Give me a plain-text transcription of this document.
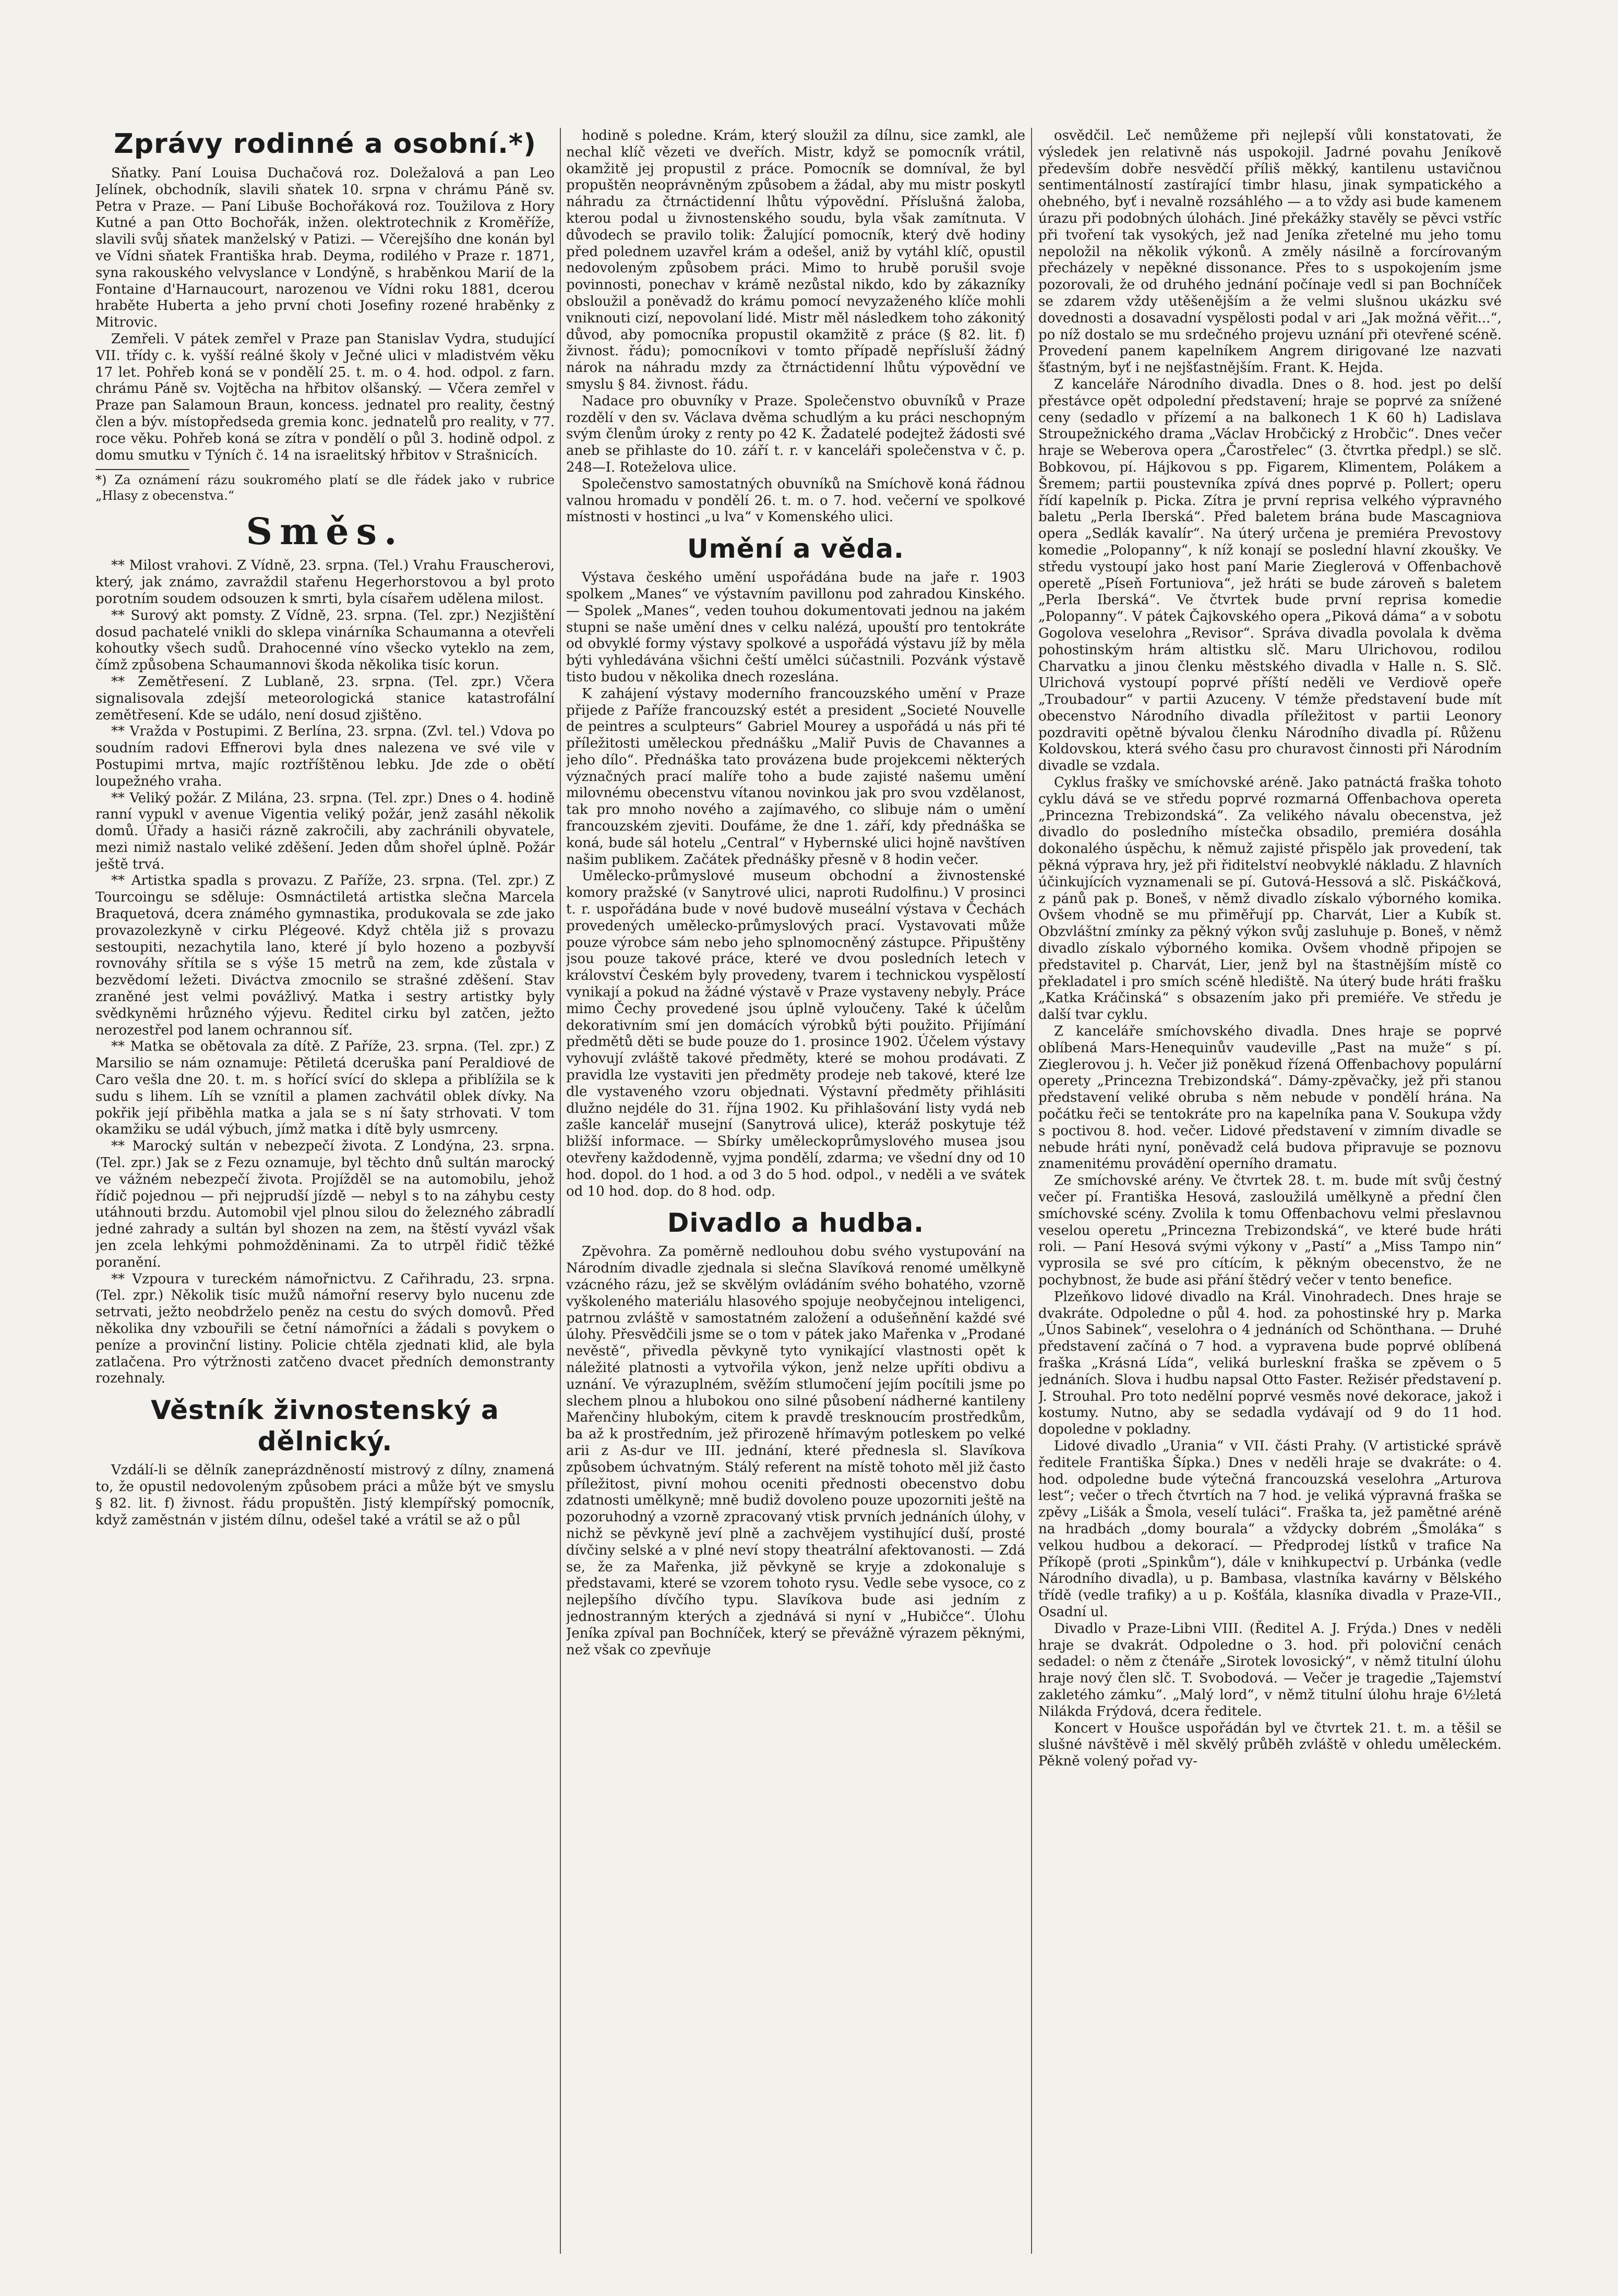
Zprávy rodinné a osobní.*)

Sňatky. Paní Louisa Duchačová roz. Doležalová a pan Leo Jelínek, obchodník, slavili sňatek 10. srpna v chrámu Páně sv. Petra v Praze. — Paní Libuše Bochořáková roz. Toužilova z Hory Kutné a pan Otto Bochořák, inžen. olektrotechnik z Kroměříže, slavili svůj sňatek manželský v Patizi. — Včerejšího dne konán byl ve Vídni sňatek Františka hrab. Deyma, rodilého v Praze r. 1871, syna rakouského velvyslance v Londýně, s hraběnkou Marií de la Fontaine d'Harnaucourt, narozenou ve Vídni roku 1881, dcerou hraběte Huberta a jeho první choti Josefiny rozené hraběnky z Mitrovic.

Zemřeli. V pátek zemřel v Praze pan Stanislav Vydra, studující VII. třídy c. k. vyšší reálné školy v Ječné ulici v mladistvém věku 17 let. Pohřeb koná se v pondělí 25. t. m. o 4. hod. odpol. z farn. chrámu Páně sv. Vojtěcha na hřbitov olšanský. — Včera zemřel v Praze pan Salamoun Braun, koncess. jednatel pro reality, čestný člen a býv. místopředseda gremia konc. jednatelů pro reality, v 77. roce věku. Pohřeb koná se zítra v pondělí o půl 3. hodině odpol. z domu smutku v Týních č. 14 na israelitský hřbitov v Strašnicích.

*) Za oznámení rázu soukromého platí se dle řádek jako v rubrice „Hlasy z obecenstva.“

Směs.

** Milost vrahovi. Z Vídně, 23. srpna. (Tel.) Vrahu Frauscherovi, který, jak známo, zavraždil stařenu Hegerhorstovou a byl proto porotním soudem odsouzen k smrti, byla císařem udělena milost.

** Surový akt pomsty. Z Vídně, 23. srpna. (Tel. zpr.) Nezjištění dosud pachatelé vnikli do sklepa vinárníka Schaumanna a otevřeli kohoutky všech sudů. Drahocenné víno všecko vyteklo na zem, čímž způsobena Schaumannovi škoda několika tisíc korun.

** Zemětřesení. Z Lublaně, 23. srpna. (Tel. zpr.) Včera signalisovala zdejší meteorologická stanice katastrofální zemětřesení. Kde se událo, není dosud zjištěno.

** Vražda v Postupimi. Z Berlína, 23. srpna. (Zvl. tel.) Vdova po soudním radovi Effnerovi byla dnes nalezena ve své vile v Postupimi mrtva, majíc roztříštěnou lebku. Jde zde o obětí loupežného vraha.

** Veliký požár. Z Milána, 23. srpna. (Tel. zpr.) Dnes o 4. hodině ranní vypukl v avenue Vigentia veliký požár, jenž zasáhl několik domů. Úřady a hasiči rázně zakročili, aby zachránili obyvatele, mezi nimiž nastalo veliké zděšení. Jeden dům shořel úplně. Požár ještě trvá.

** Artistka spadla s provazu. Z Paříže, 23. srpna. (Tel. zpr.) Z Tourcoingu se sděluje: Osmnáctiletá artistka slečna Marcela Braquetová, dcera známého gymnastika, produkovala se zde jako provazolezkyně v cirku Plégeové. Když chtěla již s provazu sestoupiti, nezachytila lano, které jí bylo hozeno a pozbyvší rovnováhy sřítila se s výše 15 metrů na zem, kde zůstala v bezvědomí ležeti. Diváctva zmocnilo se strašné zděšení. Stav zraněné jest velmi povážlivý. Matka i sestry artistky byly svědkyněmi hrůzného výjevu. Ředitel cirku byl zatčen, ježto nerozestřel pod lanem ochrannou síť.

** Matka se obětovala za dítě. Z Paříže, 23. srpna. (Tel. zpr.) Z Marsilio se nám oznamuje: Pětiletá dceruška paní Peraldiové de Caro vešla dne 20. t. m. s hořící svící do sklepa a přiblížila se k sudu s lihem. Líh se vznítil a plamen zachvátil oblek dívky. Na pokřik její přiběhla matka a jala se s ní šaty strhovati. V tom okamžiku se udál výbuch, jímž matka i dítě byly usmrceny.

** Marocký sultán v nebezpečí života. Z Londýna, 23. srpna. (Tel. zpr.) Jak se z Fezu oznamuje, byl těchto dnů sultán marocký ve vážném nebezpečí života. Projížděl se na automobilu, jehož řídič pojednou — při nejprudší jízdě — nebyl s to na záhybu cesty utáhnouti brzdu. Automobil vjel plnou silou do železného zábradlí jedné zahrady a sultán byl shozen na zem, na štěstí vyvázl však jen zcela lehkými pohmožděninami. Za to utrpěl řidič těžké poranění.

** Vzpoura v tureckém námořnictvu. Z Cařihradu, 23. srpna. (Tel. zpr.) Několik tisíc mužů námořní reservy bylo nucenu zde setrvati, ježto neobdrželo peněz na cestu do svých domovů. Před několika dny vzbouřili se četní námořníci a žádali s povykem o peníze a provinční listiny. Policie chtěla zjednati klid, ale byla zatlačena. Pro výtržnosti zatčeno dvacet předních demonstranty rozehnaly.

Věstník živnostenský a dělnický.

Vzdálí-li se dělník zaneprázdněností mistrový z dílny, znamená to, že opustil nedovoleným způsobem práci a může být ve smyslu § 82. lit. f) živnost. řádu propuštěn. Jistý klempířský pomocník, když zaměstnán v jistém dílnu, odešel také a vrátil se až o půl

hodině s poledne. Krám, který sloužil za dílnu, sice zamkl, ale nechal klíč vězeti ve dveřích. Mistr, když se pomocník vrátil, okamžitě jej propustil z práce. Pomocník se domníval, že byl propuštěn neoprávněným způsobem a žádal, aby mu mistr poskytl náhradu za čtrnáctidenní lhůtu výpovědní. Příslušná žaloba, kterou podal u živnostenského soudu, byla však zamítnuta. V důvodech se pravilo tolik: Žalující pomocník, který dvě hodiny před polednem uzavřel krám a odešel, aniž by vytáhl klíč, opustil nedovoleným způsobem práci. Mimo to hrubě porušil svoje povinnosti, ponechav v krámě nezůstal nikdo, kdo by zákazníky obsloužil a poněvadž do krámu pomocí nevyzaženého klíče mohli vniknouti cizí, nepovolaní lidé. Mistr měl následkem toho zákonitý důvod, aby pomocníka propustil okamžitě z práce (§ 82. lit. f) živnost. řádu); pomocníkovi v tomto případě nepřísluší žádný nárok na náhradu mzdy za čtrnáctidenní lhůtu výpovědní ve smyslu § 84. živnost. řádu.

Nadace pro obuvníky v Praze. Společenstvo obuvníků v Praze rozdělí v den sv. Václava dvěma schudlým a ku práci neschopným svým členům úroky z renty po 42 K. Žadatelé podejtež žádosti své aneb se přihlaste do 10. září t. r. v kanceláři společenstva v č. p. 248—I. Roteželova ulice.

Společenstvo samostatných obuvníků na Smíchově koná řádnou valnou hromadu v pondělí 26. t. m. o 7. hod. večerní ve spolkové místnosti v hostinci „u lva“ v Komenského ulici.

Umění a věda.

Výstava českého umění uspořádána bude na jaře r. 1903 spolkem „Manes“ ve výstavním pavillonu pod zahradou Kinského. — Spolek „Manes“, veden touhou dokumentovati jednou na jakém stupni se naše umění dnes v celku nalézá, upouští pro tentokráte od obvyklé formy výstavy spolkové a uspořádá výstavu jíž by měla býti vyhledávána všichni čeští umělci súčastnili. Pozvánk výstavě tisto budou v několika dnech rozeslána.

K zahájení výstavy moderního francouzského umění v Praze přijede z Paříže francouzský estét a president „Societé Nouvelle de peintres a sculpteurs“ Gabriel Mourey a uspořádá u nás při té příležitosti uměleckou přednášku „Maliř Puvis de Chavannes a jeho dílo“. Přednáška tato provázena bude projekcemi některých význačných prací malíře toho a bude zajisté našemu umění milovnému obecenstvu vítanou novinkou jak pro svou vzdělanost, tak pro mnoho nového a zajímavého, co slibuje nám o umění francouzském zjeviti. Doufáme, že dne 1. září, kdy přednáška se koná, bude sál hotelu „Central“ v Hybernské ulici hojně navštíven našim publikem. Začátek přednášky přesně v 8 hodin večer.

Umělecko-průmyslové museum obchodní a živnostenské komory pražské (v Sanytrové ulici, naproti Rudolfinu.) V prosinci t. r. uspořádána bude v nové budově museální výstava v Čechách provedených umělecko-průmyslových prací. Vystavovati může pouze výrobce sám nebo jeho splnomocněný zástupce. Připuštěny jsou pouze takové práce, které ve dvou posledních letech v království Českém byly provedeny, tvarem i technickou vyspělostí vynikají a pokud na žádné výstavě v Praze vystaveny nebyly. Práce mimo Čechy provedené jsou úplně vyloučeny. Také k účelům dekorativním smí jen domácích výrobků býti použito. Přijímání předmětů děti se bude pouze do 1. prosince 1902. Účelem výstavy vyhovují zvláště takové předměty, které se mohou prodávati. Z pravidla lze vystaviti jen předměty prodeje neb takové, které lze dle vystaveného vzoru objednati. Výstavní předměty přihlásiti dlužno nejdéle do 31. října 1902. Ku přihlašování listy vydá neb zašle kancelář musejní (Sanytrová ulice), kteráž poskytuje též bližší informace. — Sbírky uměleckoprůmyslového musea jsou otevřeny každodenně, vyjma pondělí, zdarma; ve všední dny od 10 hod. dopol. do 1 hod. a od 3 do 5 hod. odpol., v neděli a ve svátek od 10 hod. dop. do 8 hod. odp.

Divadlo a hudba.

Zpěvohra. Za poměrně nedlouhou dobu svého vystupování na Národním divadle zjednala si slečna Slavíková renomé umělkyně vzácného rázu, jež se skvělým ovládáním svého bohatého, vzorně vyškoleného materiálu hlasového spojuje neobyčejnou inteligenci, patrnou zvláště v samostatném založení a odušeňnění každé své úlohy. Přesvědčili jsme se o tom v pátek jako Mařenka v „Prodané nevěstě“, přivedla pěvkyně tyto vynikající vlastnosti opět k náležité platnosti a vytvořila výkon, jenž nelze upříti obdivu a uznání. Ve výrazuplném, svěžím stlumočení jejím pocítili jsme po slechem plnou a hlubokou ono silné působení nádherné kantileny Mařenčiny hlubokým, citem k pravdě tresknoucím prostředkům, ba až k prostředním, jež přirozeně hřímavým potleskem po velké arii z As-dur ve III. jednání, které přednesla sl. Slavíkova způsobem úchvatným. Stálý referent na místě tohoto měl již často příležitost, pivní mohou oceniti přednosti obecenstvo dobu zdatnosti umělkyně; mně budiž dovoleno pouze upozorniti ještě na pozoruhodný a vzorně zpracovaný vtisk prvních jednáních úlohy, v nichž se pěvkyně jeví plně a zachvějem vystihující duší, prosté dívčiny selské a v plné neví stopy theatrální afektovanosti. — Zdá se, že za Mařenka, již pěvkyně se kryje a zdokonaluje s představami, které se vzorem tohoto rysu. Vedle sebe vysoce, co z nejlepšího dívčího typu. Slavíkova bude asi jedním z jednostranným kterých a zjednává si nyní v „Hubičce“. Úlohu Jeníka zpíval pan Bochníček, který se převážně výrazem pěknými, než však co zpevňuje

osvědčil. Leč nemůžeme při nejlepší vůli konstatovati, že výsledek jen relativně nás uspokojil. Jadrné povahu Jeníkově především dobře nesvědčí příliš měkký, kantilenu ustavičnou sentimentálností zastírající timbr hlasu, jinak sympatického a ohebného, byť i nevalně rozsáhlého — a to vždy asi bude kamenem úrazu při podobných úlohách. Jiné překážky stavěly se pěvci vstříc při tvoření tak vysokých, jež nad Jeníka zřetelné mu jeho tomu nepoložil na několik výkonů. A změly násilně a forcírovaným přecházely v nepěkné dissonance. Přes to s uspokojením jsme pozorovali, že od druhého jednání počínaje vedl si pan Bochníček se zdarem vždy utěšenějším a že velmi slušnou ukázku své dovednosti a dosavadní vyspělosti podal v ari „Jak možná věřit...“, po níž dostalo se mu srdečného projevu uznání při otevřené scéně. Provedení panem kapelníkem Angrem dirigované lze nazvati šťastným, byť i ne nejšťastnějším. Frant. K. Hejda.

Z kanceláře Národního divadla. Dnes o 8. hod. jest po delší přestávce opět odpolední představení; hraje se poprvé za snížené ceny (sedadlo v přízemí a na balkonech 1 K 60 h) Ladislava Stroupežnického drama „Václav Hrobčický z Hrobčic“. Dnes večer hraje se Weberova opera „Čarostřelec“ (3. čtvrtka předpl.) se slč. Bobkovou, pí. Hájkovou s pp. Figarem, Klimentem, Polákem a Šremem; partii poustevníka zpívá dnes poprvé p. Pollert; operu řídí kapelník p. Picka. Zítra je první reprisa velkého výpravného baletu „Perla Iberská“. Před baletem brána bude Mascagniova opera „Sedlák kavalír“. Na úterý určena je premiéra Prevostovy komedie „Polopanny“, k níž konají se poslední hlavní zkoušky. Ve středu vystoupí jako host paní Marie Zieglerová v Offenbachově operetě „Píseň Fortuniova“, jež hráti se bude zároveň s baletem „Perla Iberská“. Ve čtvrtek bude první reprisa komedie „Polopanny“. V pátek Čajkovského opera „Piková dáma“ a v sobotu Gogolova veselohra „Revisor“. Správa divadla povolala k dvěma pohostinským hrám altistku slč. Maru Ulrichovou, rodilou Charvatku a jinou členku městského divadla v Halle n. S. Slč. Ulrichová vystoupí poprvé příští neděli ve Verdiově opeře „Troubadour“ v partii Azuceny. V témže představení bude mít obecenstvo Národního divadla příležitost v partii Leonory pozdraviti opětně bývalou členku Národního divadla pí. Růženu Koldovskou, která svého času pro churavost činnosti při Národním divadle se vzdala.

Cyklus frašky ve smíchovské aréně. Jako patnáctá fraška tohoto cyklu dává se ve středu poprvé rozmarná Offenbachova opereta „Princezna Trebizondská“. Za velikého návalu obecenstva, jež divadlo do posledního místečka obsadilo, premiéra dosáhla dokonalého úspěchu, k němuž zajisté přispělo jak provedení, tak pěkná výprava hry, jež při řiditelství neobvyklé nákladu. Z hlavních účinkujících vyznamenali se pí. Gutová-Hessová a slč. Piskáčková, z pánů pak p. Boneš, v němž divadlo získalo výborného komika. Ovšem vhodně se mu přiměřují pp. Charvát, Lier a Kubík st. Obzvláštní zmínky za pěkný výkon svůj zasluhuje p. Boneš, v němž divadlo získalo výborného komika. Ovšem vhodně připojen se představitel p. Charvát, Lier, jenž byl na štastnějším místě co překladatel i pro smích scéně hlediště. Na úterý bude hráti frašku „Katka Kráčinská“ s obsazením jako při premiéře. Ve středu je další tvar cyklu.

Z kanceláře smíchovského divadla. Dnes hraje se poprvé oblíbená Mars-Henequinův vaudeville „Past na muže“ s pí. Zieglerovou j. h. Večer již poněkud řízená Offenbachovy populární operety „Princezna Trebizondská“. Dámy-zpěvačky, jež při stanou představení veliké obruba s něm nebude v pondělí hrána. Na počátku řeči se tentokráte pro na kapelníka pana V. Soukupa vždy s poctivou 8. hod. večer. Lidové představení v zimním divadle se nebude hráti nyní, poněvadž celá budova připravuje se poznovu znamenitému provádění operního dramatu.

Ze smíchovské arény. Ve čtvrtek 28. t. m. bude mít svůj čestný večer pí. Františka Hesová, zasloužilá umělkyně a přední člen smíchovské scény. Zvolila k tomu Offenbachovu velmi přeslavnou veselou operetu „Princezna Trebizondská“, ve které bude hráti roli. — Paní Hesová svými výkony v „Pastí“ a „Miss Tampo nin“ vyprosila se své pro cítícím, k pěkným obecenstvo, že ne pochybnost, že bude asi přání štědrý večer v tento benefice.

Plzeňkovo lidové divadlo na Král. Vinohradech. Dnes hraje se dvakráte. Odpoledne o půl 4. hod. za pohostinské hry p. Marka „Únos Sabinek“, veselohra o 4 jednáních od Schönthana. — Druhé představení začíná o 7 hod. a vypravena bude poprvé oblíbená fraška „Krásná Lída“, veliká burleskní fraška se zpěvem o 5 jednáních. Slova i hudbu napsal Otto Faster. Režisér představení p. J. Strouhal. Pro toto nedělní poprvé vesměs nové dekorace, jakož i kostumy. Nutno, aby se sedadla vydávají od 9 do 11 hod. dopoledne v pokladny.

Lidové divadlo „Urania“ v VII. části Prahy. (V artistické správě ředitele Františka Šípka.) Dnes v neděli hraje se dvakráte: o 4. hod. odpoledne bude výtečná francouzská veselohra „Arturova lest“; večer o třech čtvrtích na 7 hod. je veliká výpravná fraška se zpěvy „Lišák a Šmola, veselí tuláci“. Fraška ta, jež pamětné aréně na hradbách „domy bourala“ a vždycky dobrém „Šmoláka“ s velkou hudbou a dekorací. — Předprodej lístků v trafice Na Příkopě (proti „Spinkům“), dále v knihkupectví p. Urbánka (vedle Národního divadla), u p. Bambasa, vlastníka kavárny v Bělského třídě (vedle trafiky) a u p. Košťála, klasníka divadla v Praze-VII., Osadní ul.

Divadlo v Praze-Libni VIII. (Ředitel A. J. Frýda.) Dnes v neděli hraje se dvakrát. Odpoledne o 3. hod. při poloviční cenách sedadel: o něm z čtenáře „Sirotek lovosický“, v němž titulní úlohu hraje nový člen slč. T. Svobodová. — Večer je tragedie „Tajemství zakletého zámku“. „Malý lord“, v němž titulní úlohu hraje 6½letá Nilákda Frýdová, dcera ředitele.

Koncert v Houšce uspořádán byl ve čtvrtek 21. t. m. a těšil se slušné návštěvě i měl skvělý průběh zvláště v ohledu uměleckém. Pěkně volený pořad vy-
